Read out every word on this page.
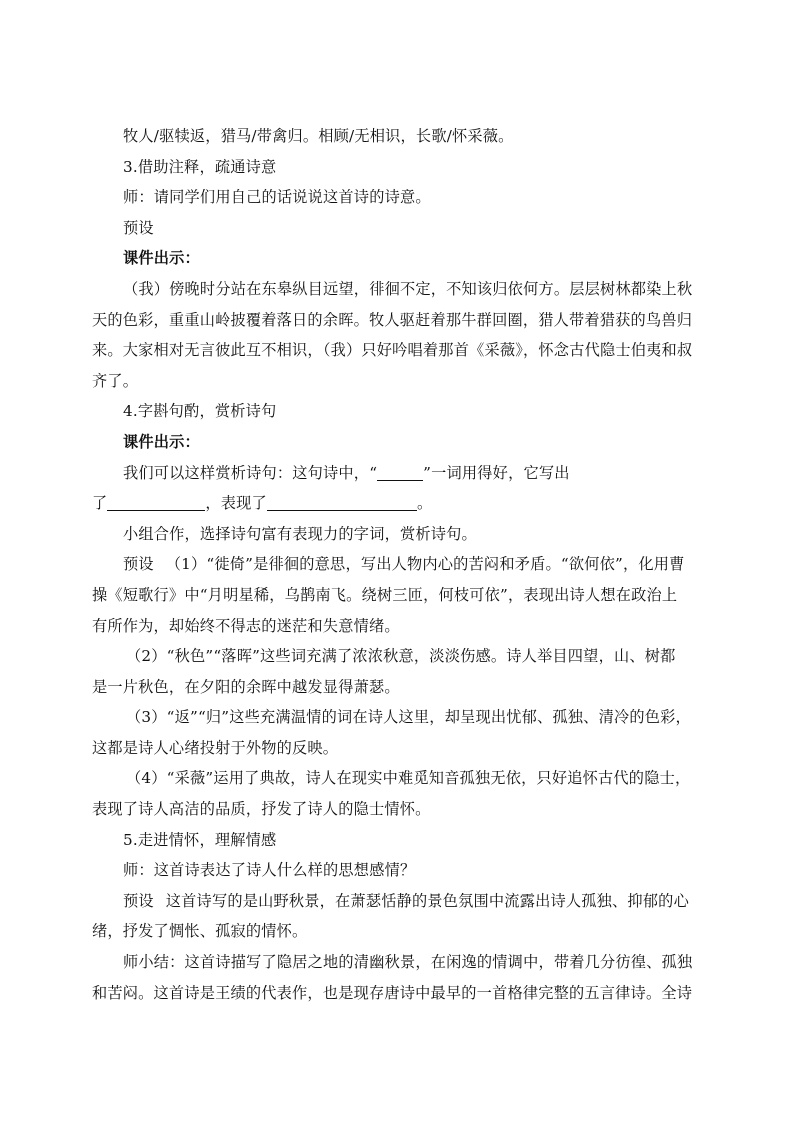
牧人/驱犊返，猎马/带禽归。相顾/无相识，长歌/怀采薇。
3.借助注释，疏通诗意
师：请同学们用自己的话说说这首诗的诗意。
预设
课件出示：
（我）傍晚时分站在东皋纵目远望，徘徊不定，不知该归依何方。层层树林都染上秋
天的色彩，重重山岭披覆着落日的余晖。牧人驱赶着那牛群回圈，猎人带着猎获的鸟兽归
来。大家相对无言彼此互不相识，（我）只好吟唱着那首《采薇》，怀念古代隐士伯夷和叔
齐了。
4.字斟句酌，赏析诗句
课件出示：
我们可以这样赏析诗句：这句诗中，“	”一词用得好，它写出
了	，表现了	。
小组合作，选择诗句富有表现力的字词，赏析诗句。
预设 （1）“徙倚”是徘徊的意思，写出人物内心的苦闷和矛盾。“欲何依”，化用曹
操《短歌行》中“月明星稀，乌鹊南飞。绕树三匝，何枝可依”，表现出诗人想在政治上
有所作为，却始终不得志的迷茫和失意情绪。
（2）“秋色”“落晖”这些词充满了浓浓秋意，淡淡伤感。诗人举目四望，山、树都
是一片秋色，在夕阳的余晖中越发显得萧瑟。
（3）“返”“归”这些充满温情的词在诗人这里，却呈现出忧郁、孤独、清冷的色彩，
这都是诗人心绪投射于外物的反映。
（4）“采薇”运用了典故，诗人在现实中难觅知音孤独无依，只好追怀古代的隐士，
表现了诗人高洁的品质，抒发了诗人的隐士情怀。
5.走进情怀，理解情感
师：这首诗表达了诗人什么样的思想感情？
预设 这首诗写的是山野秋景，在萧瑟恬静的景色氛围中流露出诗人孤独、抑郁的心
绪，抒发了惆怅、孤寂的情怀。
师小结：这首诗描写了隐居之地的清幽秋景，在闲逸的情调中，带着几分彷徨、孤独
和苦闷。这首诗是王绩的代表作，也是现存唐诗中最早的一首格律完整的五言律诗。全诗
